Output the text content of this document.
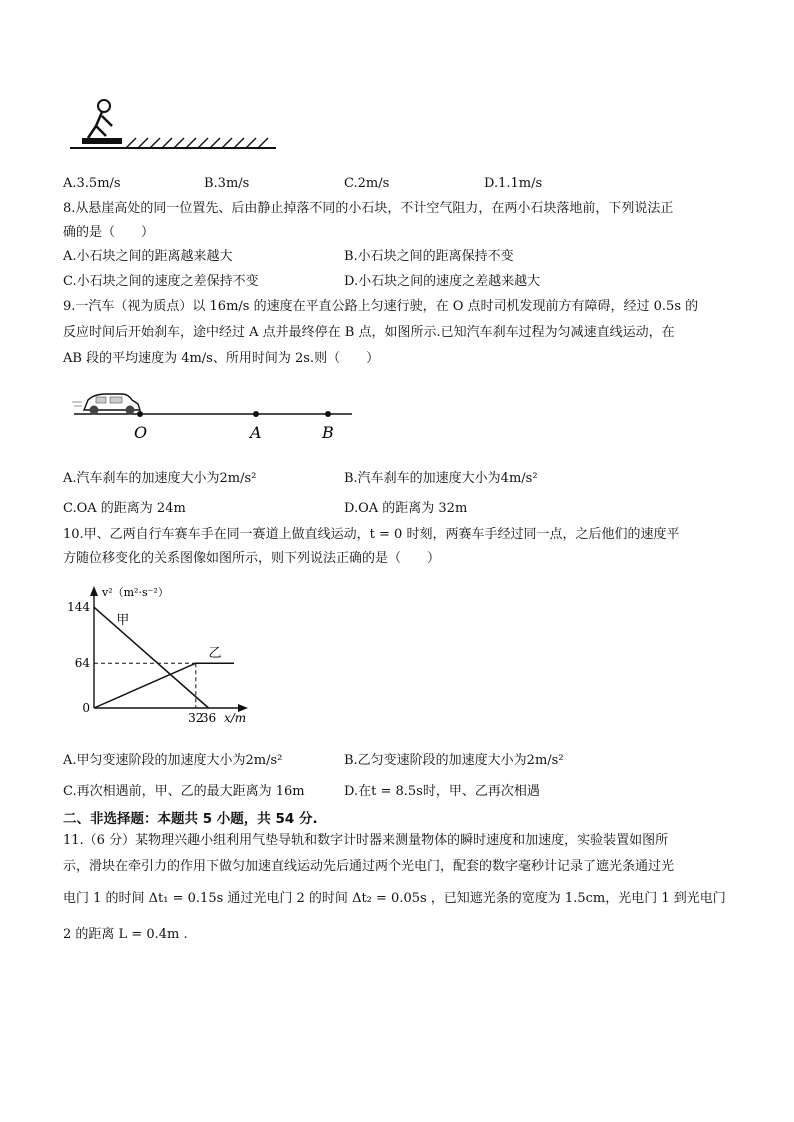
A.3.5m/s	B.3m/s	C.2m/s	D.1.1m/s
8.从悬崖高处的同一位置先、后由静止掉落不同的小石块，不计空气阻力，在两小石块落地前，下列说法正
确的是（　　）
A.小石块之间的距离越来越大	B.小石块之间的距离保持不变
C.小石块之间的速度之差保持不变	D.小石块之间的速度之差越来越大
9.一汽车（视为质点）以 16m/s 的速度在平直公路上匀速行驶，在 O 点时司机发现前方有障碍，经过 0.5s 的
反应时间后开始刹车，途中经过 A 点并最终停在 B 点，如图所示.已知汽车刹车过程为匀减速直线运动，在
AB 段的平均速度为 4m/s、所用时间为 2s.则（　　）
O	A	B
A.汽车刹车的加速度大小为2m/s²	B.汽车刹车的加速度大小为4m/s²
C.OA 的距离为 24m	D.OA 的距离为 32m
10.甲、乙两自行车赛车手在同一赛道上做直线运动，t = 0 时刻，两赛车手经过同一点，之后他们的速度平
方随位移变化的关系图像如图所示，则下列说法正确的是（　　）
v²（m²·s⁻²）
x/m
144
64
0
32
36
甲
乙
A.甲匀变速阶段的加速度大小为2m/s²	B.乙匀变速阶段的加速度大小为2m/s²
C.再次相遇前，甲、乙的最大距离为 16m	D.在t = 8.5s时，甲、乙再次相遇
二、非选择题：本题共 5 小题，共 54 分.
11.（6 分）某物理兴趣小组利用气垫导轨和数字计时器来测量物体的瞬时速度和加速度，实验装置如图所
示，滑块在牵引力的作用下做匀加速直线运动先后通过两个光电门，配套的数字毫秒计记录了遮光条通过光
电门 1 的时间 Δt₁ = 0.15s 通过光电门 2 的时间 Δt₂ = 0.05s ，已知遮光条的宽度为 1.5cm，光电门 1 到光电门
2 的距离 L = 0.4m .
